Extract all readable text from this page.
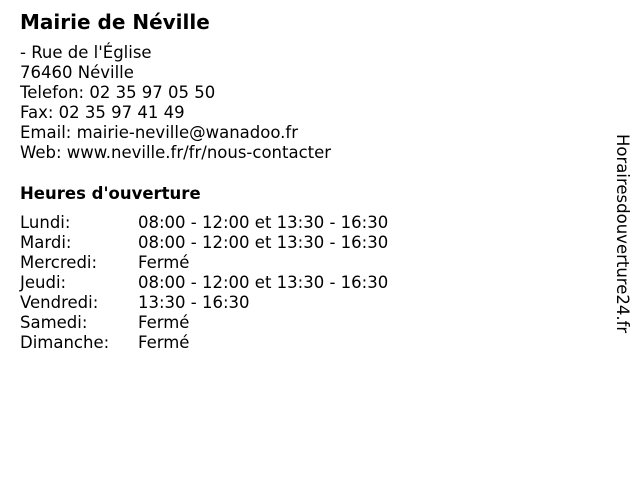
Mairie de Néville
- Rue de l'Église
76460 Néville
Telefon: 02 35 97 05 50
Fax: 02 35 97 41 49
Email: mairie-neville@wanadoo.fr
Web: www.neville.fr/fr/nous-contacter
Heures d'ouverture
Lundi:	08:00 - 12:00 et 13:30 - 16:30
Mardi:	08:00 - 12:00 et 13:30 - 16:30
Mercredi: Fermé
Jeudi:	08:00 - 12:00 et 13:30 - 16:30
Vendredi: 13:30 - 16:30
Samedi:	Fermé
Dimanche: Fermé
Horairesdouverture24.fr
